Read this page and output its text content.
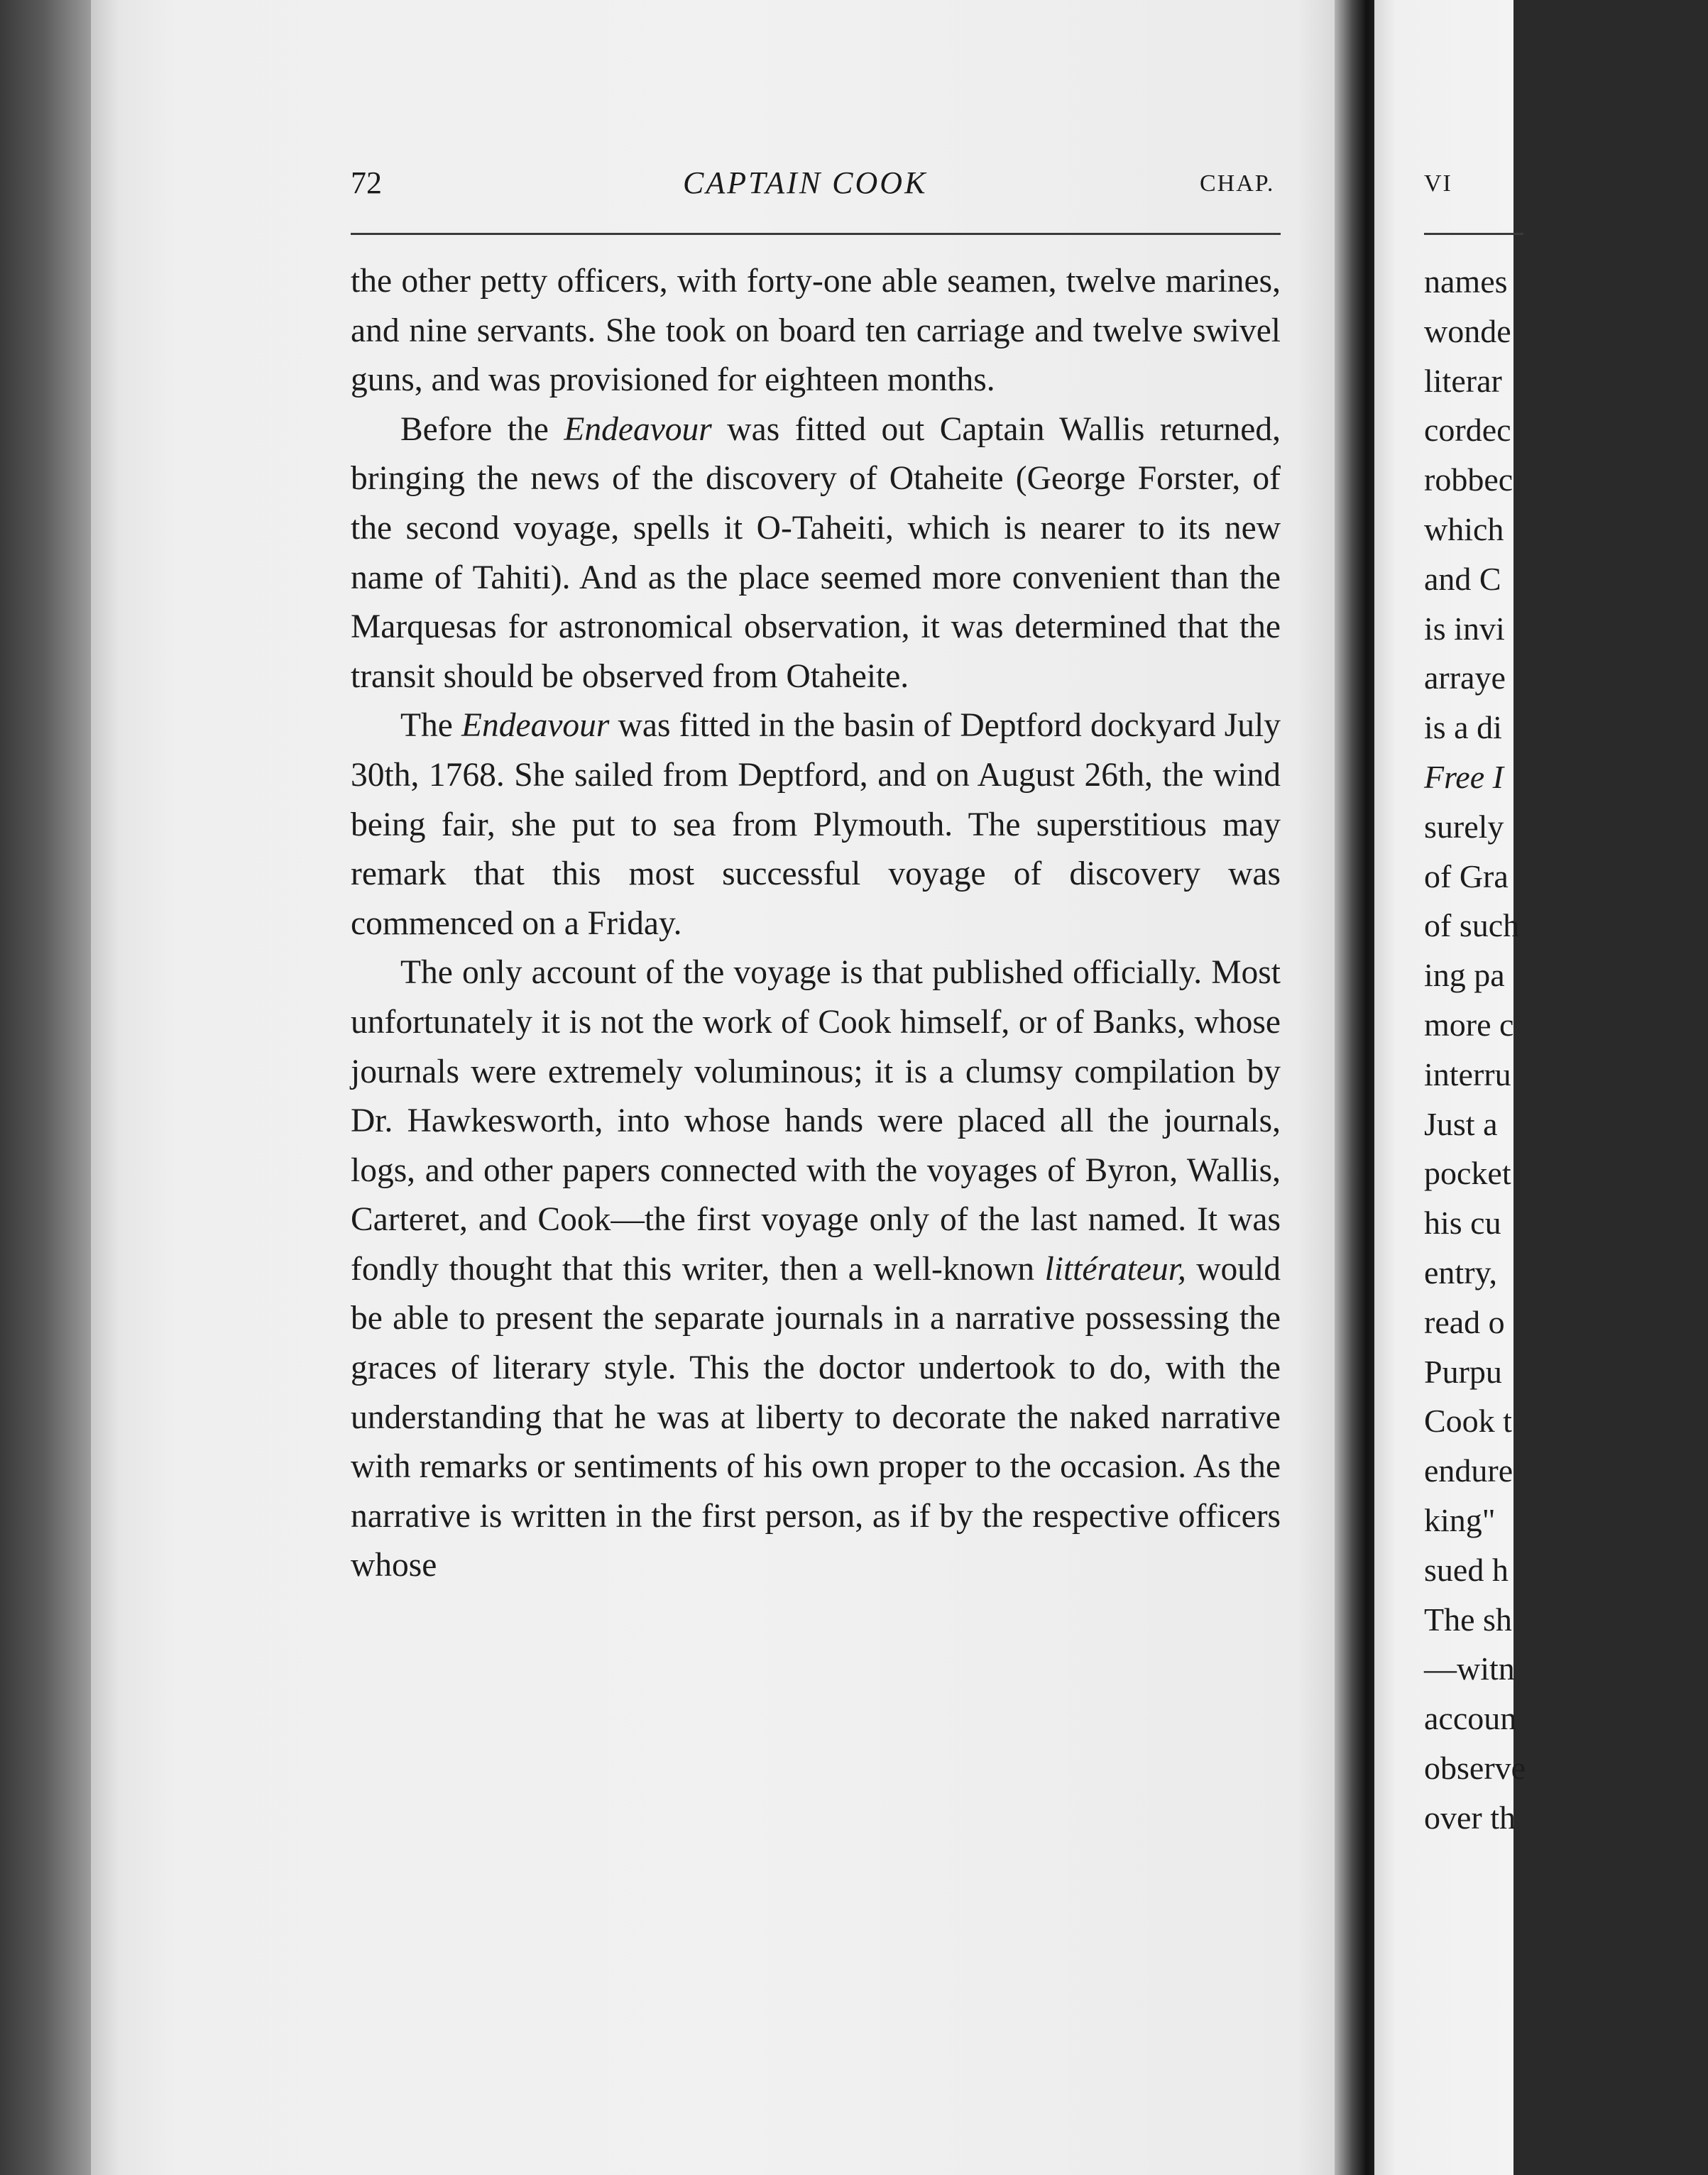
72	CAPTAIN COOK	CHAP.

the other petty officers, with forty-one able seamen, twelve marines, and nine servants. She took on board ten carriage and twelve swivel guns, and was provisioned for eighteen months.

Before the Endeavour was fitted out Captain Wallis returned, bringing the news of the discovery of Otaheite (George Forster, of the second voyage, spells it O-Taheiti, which is nearer to its new name of Tahiti). And as the place seemed more convenient than the Marquesas for astronomical observation, it was determined that the transit should be observed from Otaheite.

The Endeavour was fitted in the basin of Deptford dockyard July 30th, 1768. She sailed from Deptford, and on August 26th, the wind being fair, she put to sea from Plymouth. The superstitious may remark that this most successful voyage of discovery was commenced on a Friday.

The only account of the voyage is that published officially. Most unfortunately it is not the work of Cook himself, or of Banks, whose journals were extremely voluminous; it is a clumsy compilation by Dr. Hawkesworth, into whose hands were placed all the journals, logs, and other papers connected with the voyages of Byron, Wallis, Carteret, and Cook—the first voyage only of the last named. It was fondly thought that this writer, then a well-known littérateur, would be able to present the separate journals in a narrative possessing the graces of literary style. This the doctor undertook to do, with the understanding that he was at liberty to decorate the naked narrative with remarks or sentiments of his own proper to the occasion. As the narrative is written in the first person, as if by the respective officers whose

VI
names
wonde
literar
cordec
robbec
which
and C
is invi
arraye
is a di
Free I
surely
of Gra
of such
ing pa
more c
interru
Just a
pocket
his cu
entry,
read o
Purpu
Cook t
endure
king"
sued h
The sh
—witn
accoun
observe
over th
